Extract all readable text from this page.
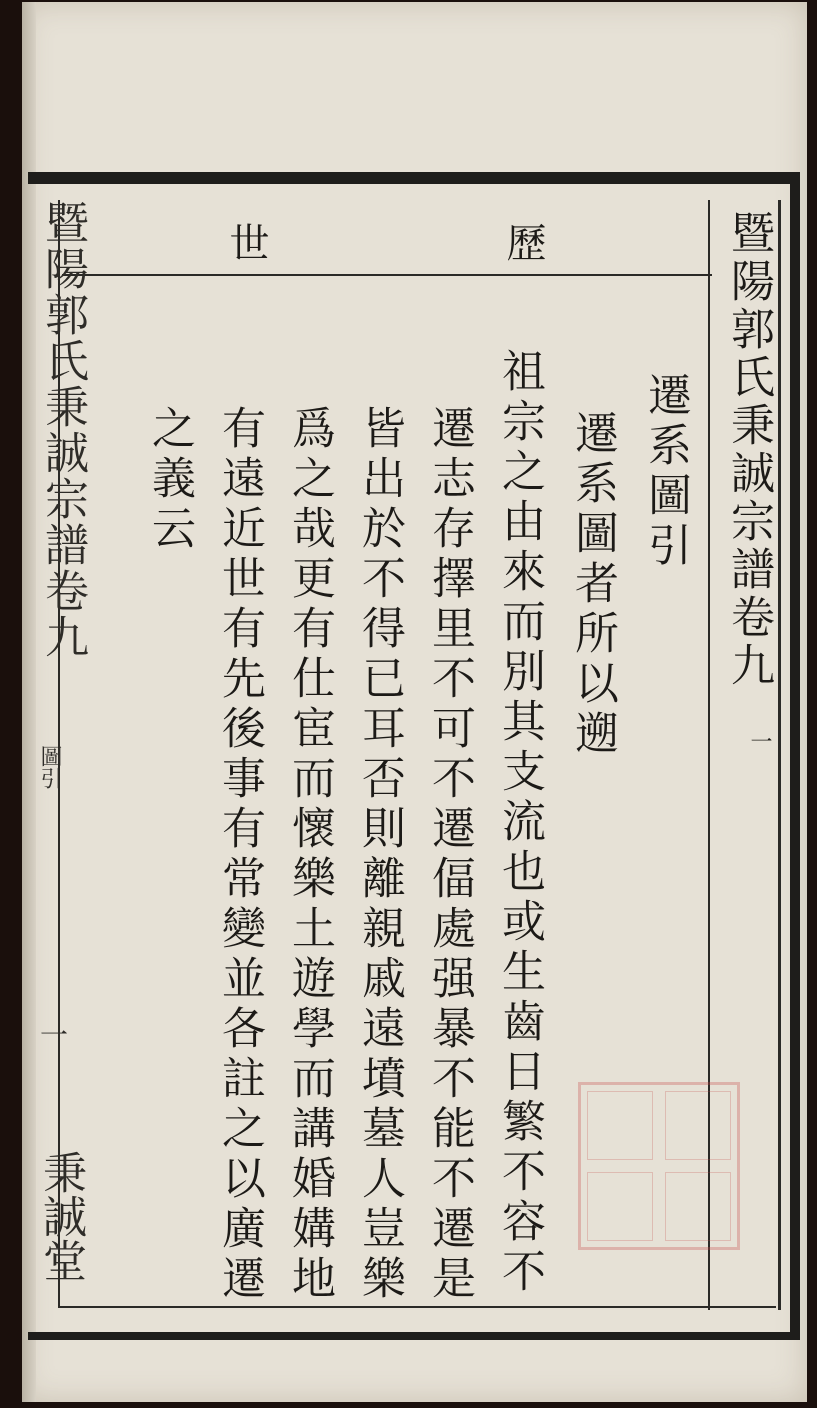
暨陽郭氏秉誠宗譜卷九
一
歷
世
遷系圖引
遷系圖者所以遡
祖宗之由來而別其支流也或生齒日繁不容不
遷志存擇里不可不遷偪處强暴不能不遷是
皆出於不得已耳否則離親戚遠墳墓人豈樂
爲之哉更有仕宦而懷樂土遊學而講婚媾地
有遠近世有先後事有常變並各註之以廣遷
之義云
暨陽郭氏秉誠宗譜卷九
圖引
一
秉誠堂
